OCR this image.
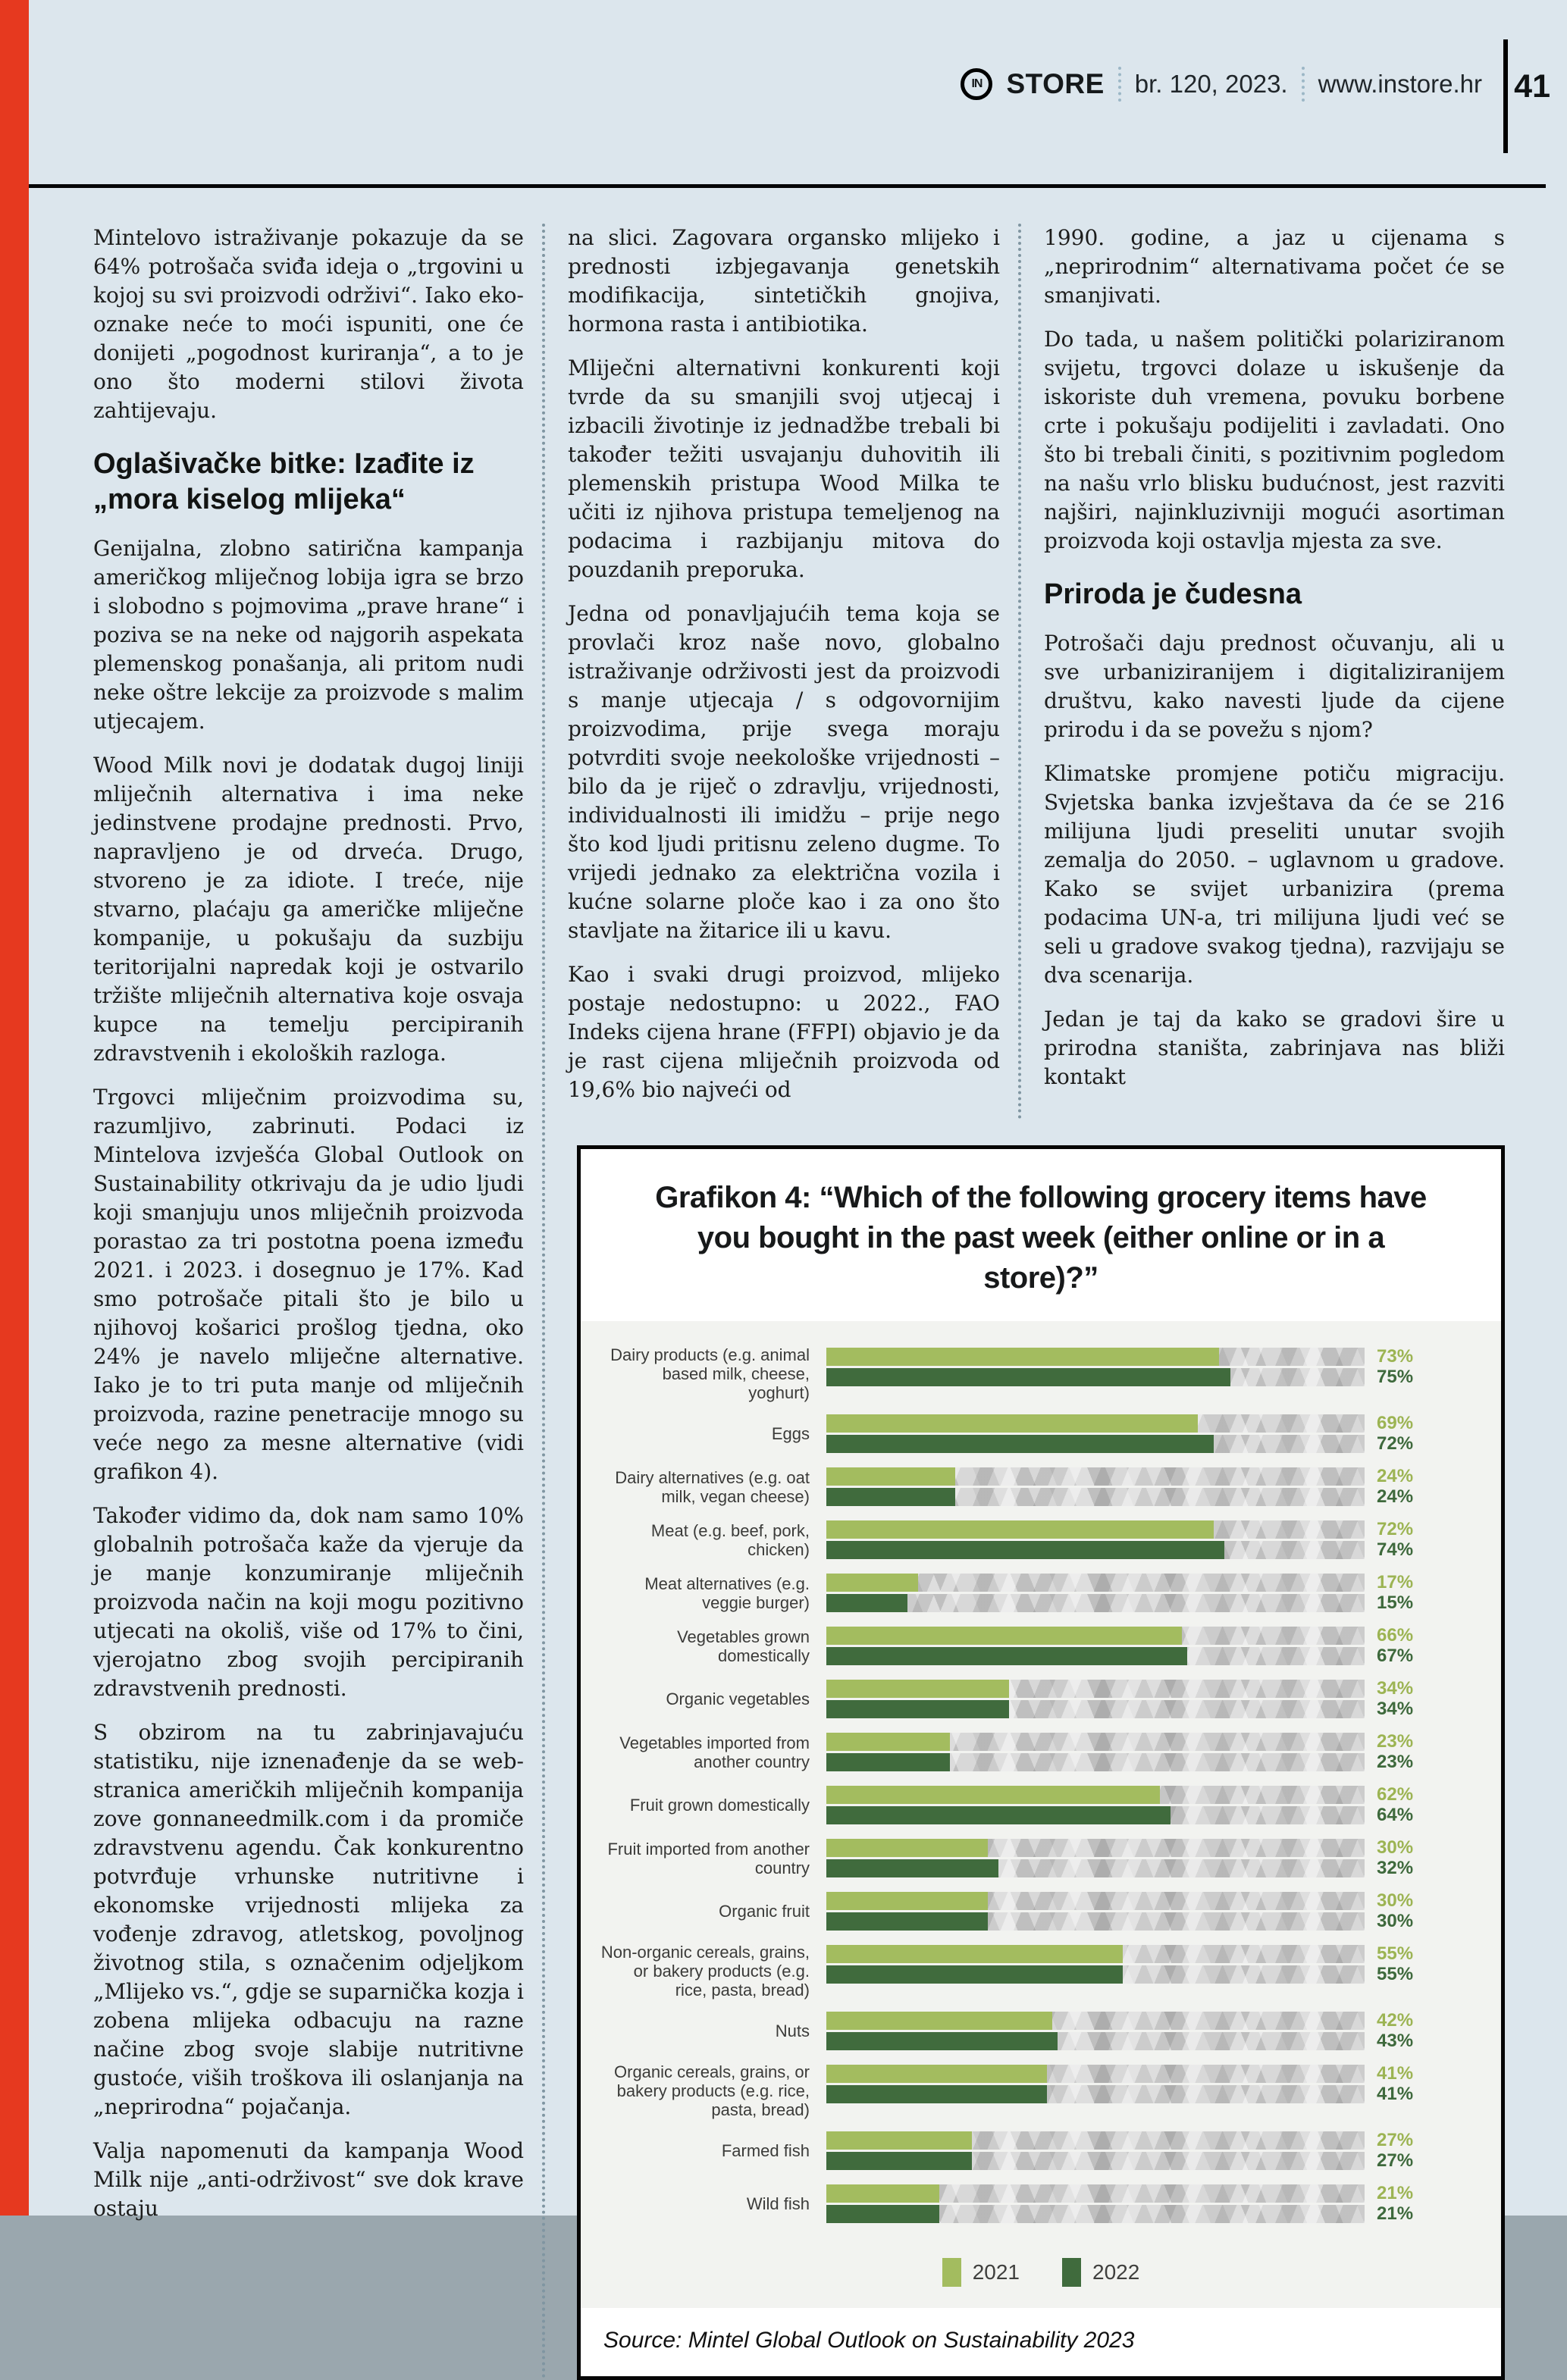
IN STORE br. 120, 2023. www.instore.hr 41

Mintelovo istraživanje pokazuje da se 64% potrošača sviđa ideja o „trgovini u kojoj su svi proizvodi održivi“. Iako eko-oznake neće to moći ispuniti, one će donijeti „pogodnost kuriranja“, a to je ono što moderni stilovi života zahtijevaju.

Oglašivačke bitke: Izađite iz „mora kiselog mlijeka“

Genijalna, zlobno satirična kampanja američkog mliječnog lobija igra se brzo i slobodno s pojmovima „prave hrane“ i poziva se na neke od najgorih aspekata plemenskog ponašanja, ali pritom nudi neke oštre lekcije za proizvode s malim utjecajem.

Wood Milk novi je dodatak dugoj liniji mliječnih alternativa i ima neke jedinstvene prodajne prednosti. Prvo, napravljeno je od drveća. Drugo, stvoreno je za idiote. I treće, nije stvarno, plaćaju ga američke mliječne kompanije, u pokušaju da suzbiju teritorijalni napredak koji je ostvarilo tržište mliječnih alternativa koje osvaja kupce na temelju percipiranih zdravstvenih i ekoloških razloga.

Trgovci mliječnim proizvodima su, razumljivo, zabrinuti. Podaci iz Mintelova izvješća Global Outlook on Sustainability otkrivaju da je udio ljudi koji smanjuju unos mliječnih proizvoda porastao za tri postotna poena između 2021. i 2023. i dosegnuo je 17%. Kad smo potrošače pitali što je bilo u njihovoj košarici prošlog tjedna, oko 24% je navelo mliječne alternative. Iako je to tri puta manje od mliječnih proizvoda, razine penetracije mnogo su veće nego za mesne alternative (vidi grafikon 4).

Također vidimo da, dok nam samo 10% globalnih potrošača kaže da vjeruje da je manje konzumiranje mliječnih proizvoda način na koji mogu pozitivno utjecati na okoliš, više od 17% to čini, vjerojatno zbog svojih percipiranih zdravstvenih prednosti.

S obzirom na tu zabrinjavajuću statistiku, nije iznenađenje da se web-stranica američkih mliječnih kompanija zove gonnaneedmilk.com i da promiče zdravstvenu agendu. Čak konkurentno potvrđuje vrhunske nutritivne i ekonomske vrijednosti mlijeka za vođenje zdravog, atletskog, povoljnog životnog stila, s označenim odjeljkom „Mlijeko vs.“, gdje se suparnička kozja i zobena mlijeka odbacuju na razne načine zbog svoje slabije nutritivne gustoće, viših troškova ili oslanjanja na „neprirodna“ pojačanja.

Valja napomenuti da kampanja Wood Milk nije „anti-održivost“ sve dok krave ostaju

na slici. Zagovara organsko mlijeko i prednosti izbjegavanja genetskih modifikacija, sintetičkih gnojiva, hormona rasta i antibiotika.

Mliječni alternativni konkurenti koji tvrde da su smanjili svoj utjecaj i izbacili životinje iz jednadžbe trebali bi također težiti usvajanju duhovitih ili plemenskih pristupa Wood Milka te učiti iz njihova pristupa temeljenog na podacima i razbijanju mitova do pouzdanih preporuka.

Jedna od ponavljajućih tema koja se provlači kroz naše novo, globalno istraživanje održivosti jest da proizvodi s manje utjecaja / s odgovornijim proizvodima, prije svega moraju potvrditi svoje neekološke vrijednosti – bilo da je riječ o zdravlju, vrijednosti, individualnosti ili imidžu – prije nego što kod ljudi pritisnu zeleno dugme. To vrijedi jednako za električna vozila i kućne solarne ploče kao i za ono što stavljate na žitarice ili u kavu.

Kao i svaki drugi proizvod, mlijeko postaje nedostupno: u 2022., FAO Indeks cijena hrane (FFPI) objavio je da je rast cijena mliječnih proizvoda od 19,6% bio najveći od

1990. godine, a jaz u cijenama s „neprirodnim“ alternativama počet će se smanjivati.

Do tada, u našem politički polariziranom svijetu, trgovci dolaze u iskušenje da iskoriste duh vremena, povuku borbene crte i pokušaju podijeliti i zavladati. Ono što bi trebali činiti, s pozitivnim pogledom na našu vrlo blisku budućnost, jest razviti najširi, najinkluzivniji mogući asortiman proizvoda koji ostavlja mjesta za sve.

Priroda je čudesna

Potrošači daju prednost očuvanju, ali u sve urbaniziranijem i digitaliziranijem društvu, kako navesti ljude da cijene prirodu i da se povežu s njom?

Klimatske promjene potiču migraciju. Svjetska banka izvještava da će se 216 milijuna ljudi preseliti unutar svojih zemalja do 2050. – uglavnom u gradove. Kako se svijet urbanizira (prema podacima UN-a, tri milijuna ljudi već se seli u gradove svakog tjedna), razvijaju se dva scenarija.

Jedan je taj da kako se gradovi šire u prirodna staništa, zabrinjava nas bliži kontakt

Grafikon 4: “Which of the following grocery items have you bought in the past week (either online or in a store)?”
Dairy products (e.g. animal based milk, cheese, yoghurt)
73%
75%
Eggs
69%
72%
Dairy alternatives (e.g. oat milk, vegan cheese)
24%
24%
Meat (e.g. beef, pork, chicken)
72%
74%
Meat alternatives (e.g. veggie burger)
17%
15%
Vegetables grown domestically
66%
67%
Organic vegetables
34%
34%
Vegetables imported from another country
23%
23%
Fruit grown domestically
62%
64%
Fruit imported from another country
30%
32%
Organic fruit
30%
30%
Non-organic cereals, grains, or bakery products (e.g. rice, pasta, bread)
55%
55%
Nuts
42%
43%
Organic cereals, grains, or bakery products (e.g. rice, pasta, bread)
41%
41%
Farmed fish
27%
27%
Wild fish
21%
21%
2021	2022
Source: Mintel Global Outlook on Sustainability 2023
